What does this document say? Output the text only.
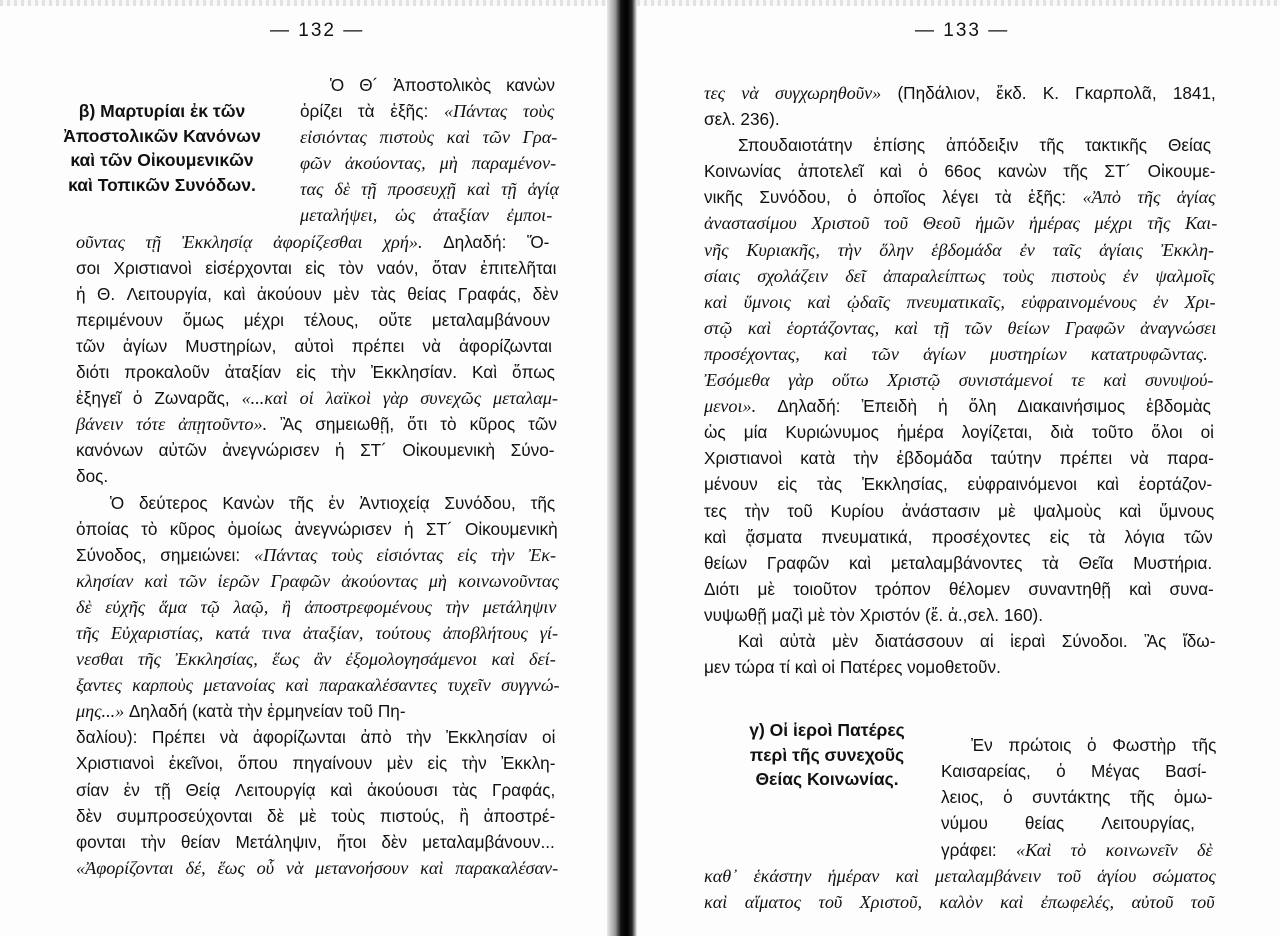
— 132 —
β) Μαρτυρίαι ἐκ τῶν
Ἀποστολικῶν Κανόνων
καὶ τῶν Οἰκουμενικῶν
καὶ Τοπικῶν Συνόδων.
Ὁ Θ´ Ἀποστολικὸς κανὼν
ὁρίζει τὰ ἑξῆς: «Πάντας τοὺς
εἰσιόντας πιστοὺς καὶ τῶν Γρα-
φῶν ἀκούοντας, μὴ παραμένον-
τας δὲ τῇ προσευχῇ καὶ τῇ ἁγίᾳ
μεταλήψει, ὡς ἀταξίαν ἐμποι-
οῦντας τῇ Ἐκκλησίᾳ ἀφορίζεσθαι χρή». Δηλαδή: Ὅ-
σοι Χριστιανοὶ εἰσέρχονται εἰς τὸν ναόν, ὅταν ἐπιτελῆται
ἡ Θ. Λειτουργία, καὶ ἀκούουν μὲν τὰς θείας Γραφάς, δὲν
περιμένουν ὅμως μέχρι τέλους, οὔτε μεταλαμβάνουν
τῶν ἁγίων Μυστηρίων, αὐτοὶ πρέπει νὰ ἀφορίζωνται
διότι προκαλοῦν ἀταξίαν εἰς τὴν Ἐκκλησίαν. Καὶ ὅπως
ἐξηγεῖ ὁ Ζωναρᾶς, «...καὶ οἱ λαϊκοὶ γὰρ συνεχῶς μεταλαμ-
βάνειν τότε ἀπῃτοῦντο». Ἂς σημειωθῇ, ὅτι τὸ κῦρος τῶν
κανόνων αὐτῶν ἀνεγνώρισεν ἡ ΣΤ´ Οἰκουμενικὴ Σύνο-
δος.
Ὁ δεύτερος Κανὼν τῆς ἐν Ἀντιοχείᾳ Συνόδου, τῆς
ὁποίας τὸ κῦρος ὁμοίως ἀνεγνώρισεν ἡ ΣΤ´ Οἰκουμενικὴ
Σύνοδος, σημειώνει: «Πάντας τοὺς εἰσιόντας εἰς τὴν Ἐκ-
κλησίαν καὶ τῶν ἱερῶν Γραφῶν ἀκούοντας μὴ κοινωνοῦντας
δὲ εὐχῆς ἅμα τῷ λαῷ, ἢ ἀποστρεφομένους τὴν μετάληψιν
τῆς Εὐχαριστίας, κατά τινα ἀταξίαν, τούτους ἀποβλήτους γί-
νεσθαι τῆς Ἐκκλησίας, ἕως ἂν ἐξομολογησάμενοι καὶ δεί-
ξαντες καρποὺς μετανοίας καὶ παρακαλέσαντες τυχεῖν συγγνώ-
μης...» Δηλαδή (κατὰ τὴν ἑρμηνείαν τοῦ Πη-
δαλίου): Πρέπει νὰ ἀφορίζωνται ἀπὸ τὴν Ἐκκλησίαν οἱ
Χριστιανοὶ ἐκεῖνοι, ὅπου πηγαίνουν μὲν εἰς τὴν Ἐκκλη-
σίαν ἐν τῇ Θείᾳ Λειτουργίᾳ καὶ ἀκούουσι τὰς Γραφάς,
δὲν συμπροσεύχονται δὲ μὲ τοὺς πιστούς, ἢ ἀποστρέ-
φονται τὴν θείαν Μετάληψιν, ἤτοι δὲν μεταλαμβάνουν...
«Ἀφορίζονται δέ, ἕως οὗ νὰ μετανοήσουν καὶ παρακαλέσαν-
— 133 —
γ) Οἱ ἱεροὶ Πατέρες
περὶ τῆς συνεχοῦς
Θείας Κοινωνίας.
τες νὰ συγχωρηθοῦν» (Πηδάλιον, ἔκδ. Κ. Γκαρπολᾶ, 1841,
σελ. 236).
Σπουδαιοτάτην ἐπίσης ἀπόδειξιν τῆς τακτικῆς Θείας
Κοινωνίας ἀποτελεῖ καὶ ὁ 66ος κανὼν τῆς ΣΤ´ Οἰκουμε-
νικῆς Συνόδου, ὁ ὁποῖος λέγει τὰ ἑξῆς: «Ἀπὸ τῆς ἁγίας
ἀναστασίμου Χριστοῦ τοῦ Θεοῦ ἡμῶν ἡμέρας μέχρι τῆς Και-
νῆς Κυριακῆς, τὴν ὅλην ἑβδομάδα ἐν ταῖς ἁγίαις Ἐκκλη-
σίαις σχολάζειν δεῖ ἀπαραλείπτως τοὺς πιστοὺς ἐν ψαλμοῖς
καὶ ὕμνοις καὶ ᾠδαῖς πνευματικαῖς, εὐφραινομένους ἐν Χρι-
στῷ καὶ ἑορτάζοντας, καὶ τῇ τῶν θείων Γραφῶν ἀναγνώσει
προσέχοντας, καὶ τῶν ἁγίων μυστηρίων κατατρυφῶντας.
Ἐσόμεθα γὰρ οὕτω Χριστῷ συνιστάμενοί τε καὶ συνυψού-
μενοι». Δηλαδή: Ἐπειδὴ ἡ ὅλη Διακαινήσιμος ἑβδομὰς
ὡς μία Κυριώνυμος ἡμέρα λογίζεται, διὰ τοῦτο ὅλοι οἱ
Χριστιανοὶ κατὰ τὴν ἑβδομάδα ταύτην πρέπει νὰ παρα-
μένουν εἰς τὰς Ἐκκλησίας, εὐφραινόμενοι καὶ ἑορτάζον-
τες τὴν τοῦ Κυρίου ἀνάστασιν μὲ ψαλμοὺς καὶ ὕμνους
καὶ ᾄσματα πνευματικά, προσέχοντες εἰς τὰ λόγια τῶν
θείων Γραφῶν καὶ μεταλαμβάνοντες τὰ Θεῖα Μυστήρια.
Διότι μὲ τοιοῦτον τρόπον θέλομεν συναντηθῇ καὶ συνα-
νυψωθῇ μαζὶ μὲ τὸν Χριστόν (ἔ. ἀ.,σελ. 160).
Καὶ αὐτὰ μὲν διατάσσουν αἱ ἱεραὶ Σύνοδοι. Ἂς ἴδω-
μεν τώρα τί καὶ οἱ Πατέρες νομοθετοῦν.
Ἐν πρώτοις ὁ Φωστὴρ τῆς
Καισαρείας, ὁ Μέγας Βασί-
λειος, ὁ συντάκτης τῆς ὁμω-
νύμου θείας Λειτουργίας,
γράφει: «Καὶ τὸ κοινωνεῖν δὲ
καθ᾽ ἑκάστην ἡμέραν καὶ μεταλαμβάνειν τοῦ ἁγίου σώματος
καὶ αἵματος τοῦ Χριστοῦ, καλὸν καὶ ἐπωφελές, αὐτοῦ τοῦ
